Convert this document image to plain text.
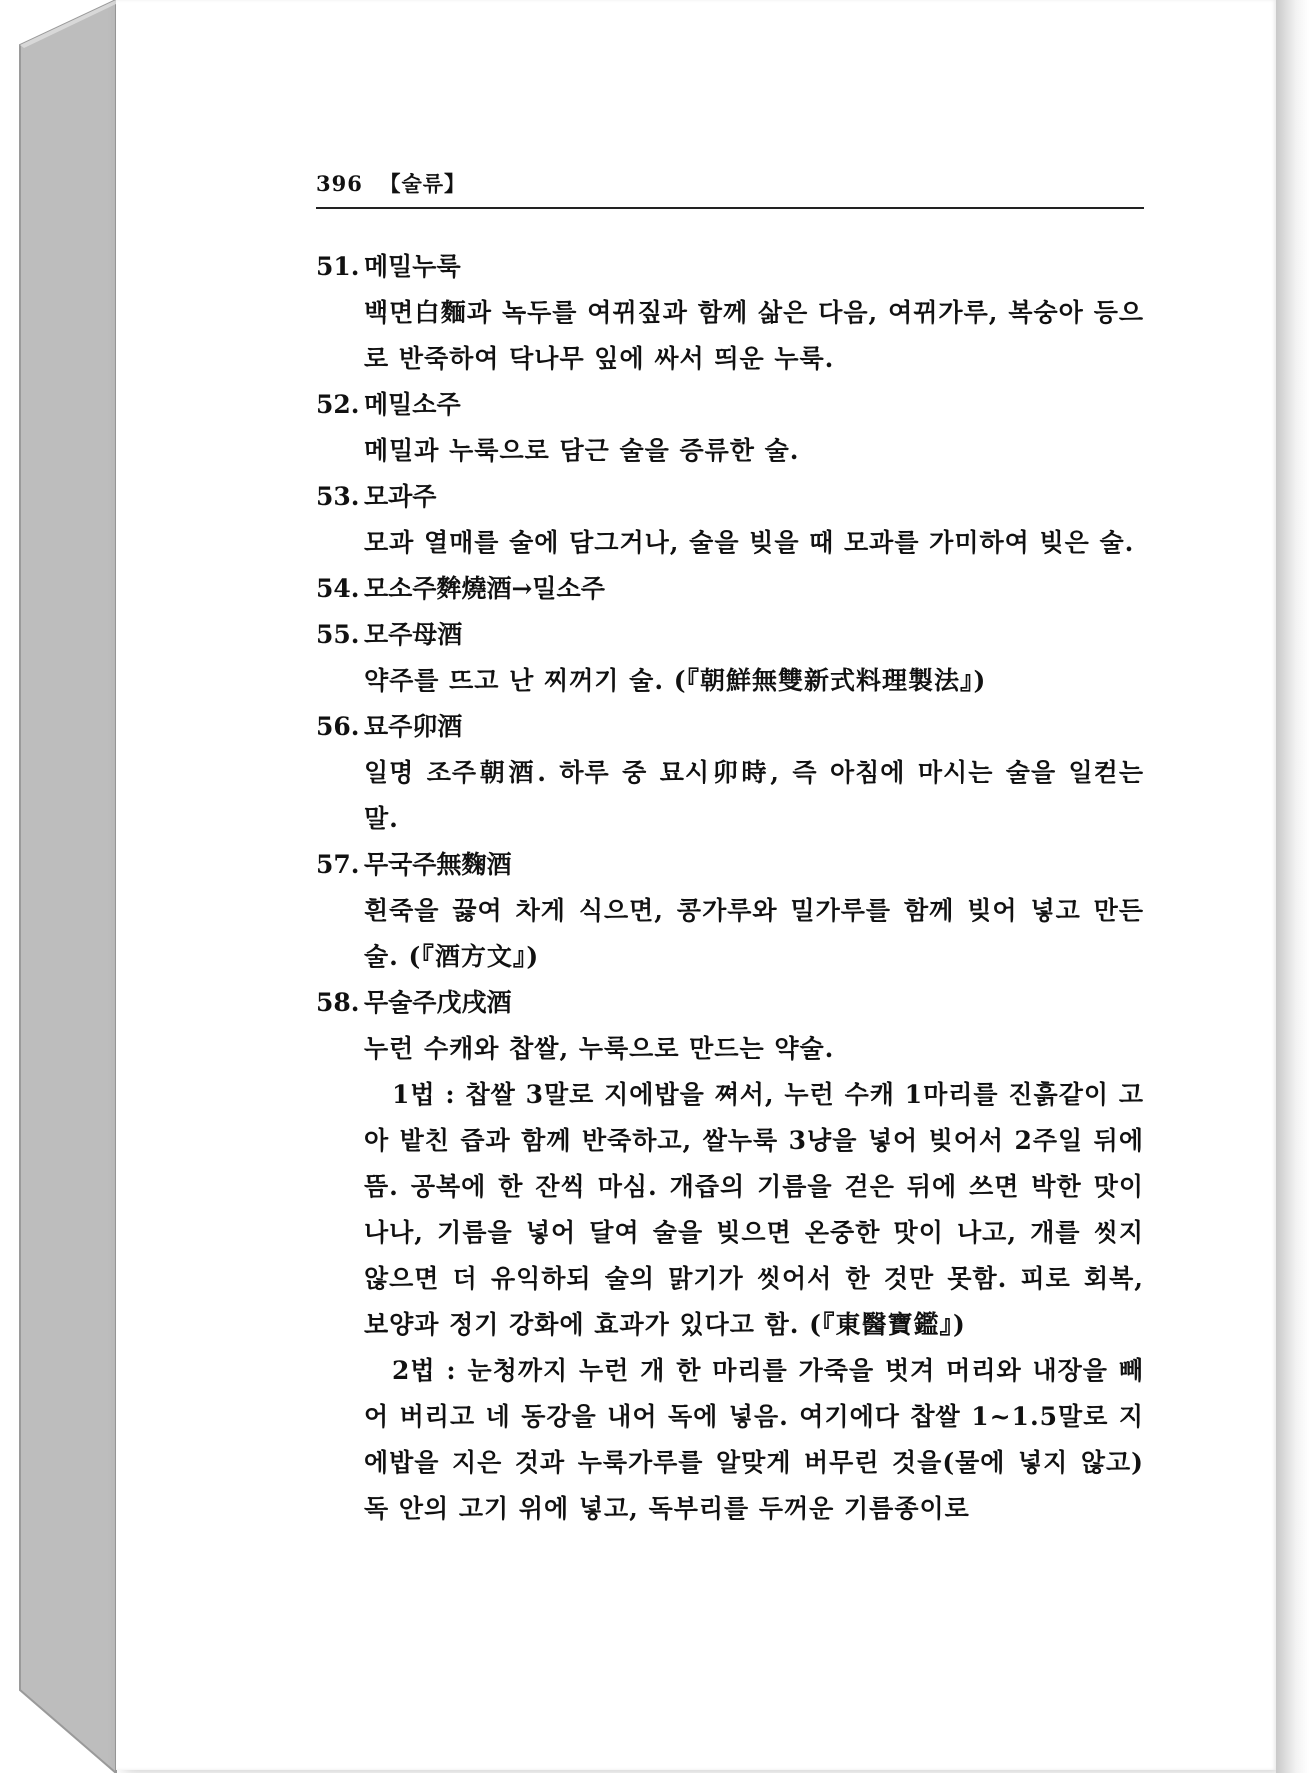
396 【술류】
51. 메밀누룩
백면白麵과 녹두를 여뀌짚과 함께 삶은 다음, 여뀌가루, 복숭아 등으로 반죽하여 닥나무 잎에 싸서 띄운 누룩.
52. 메밀소주
메밀과 누룩으로 담근 술을 증류한 술.
53. 모과주
모과 열매를 술에 담그거나, 술을 빚을 때 모과를 가미하여 빚은 술.
54. 모소주麰燒酒→밀소주
55. 모주母酒
약주를 뜨고 난 찌꺼기 술. (『朝鮮無雙新式料理製法』)
56. 묘주卯酒
일명 조주朝酒. 하루 중 묘시卯時, 즉 아침에 마시는 술을 일컫는 말.
57. 무국주無麴酒
흰죽을 끓여 차게 식으면, 콩가루와 밀가루를 함께 빚어 넣고 만든 술. (『酒方文』)
58. 무술주戊戌酒
누런 수캐와 찹쌀, 누룩으로 만드는 약술.
1법 : 찹쌀 3말로 지에밥을 쪄서, 누런 수캐 1마리를 진흙같이 고아 밭친 즙과 함께 반죽하고, 쌀누룩 3냥을 넣어 빚어서 2주일 뒤에 뜸. 공복에 한 잔씩 마심. 개즙의 기름을 걷은 뒤에 쓰면 박한 맛이 나나, 기름을 넣어 달여 술을 빚으면 온중한 맛이 나고, 개를 씻지 않으면 더 유익하되 술의 맑기가 씻어서 한 것만 못함. 피로 회복, 보양과 정기 강화에 효과가 있다고 함. (『東醫寶鑑』)
2법 : 눈청까지 누런 개 한 마리를 가죽을 벗겨 머리와 내장을 빼어 버리고 네 동강을 내어 독에 넣음. 여기에다 찹쌀 1~1.5말로 지에밥을 지은 것과 누룩가루를 알맞게 버무린 것을(물에 넣지 않고) 독 안의 고기 위에 넣고, 독부리를 두꺼운 기름종이로
